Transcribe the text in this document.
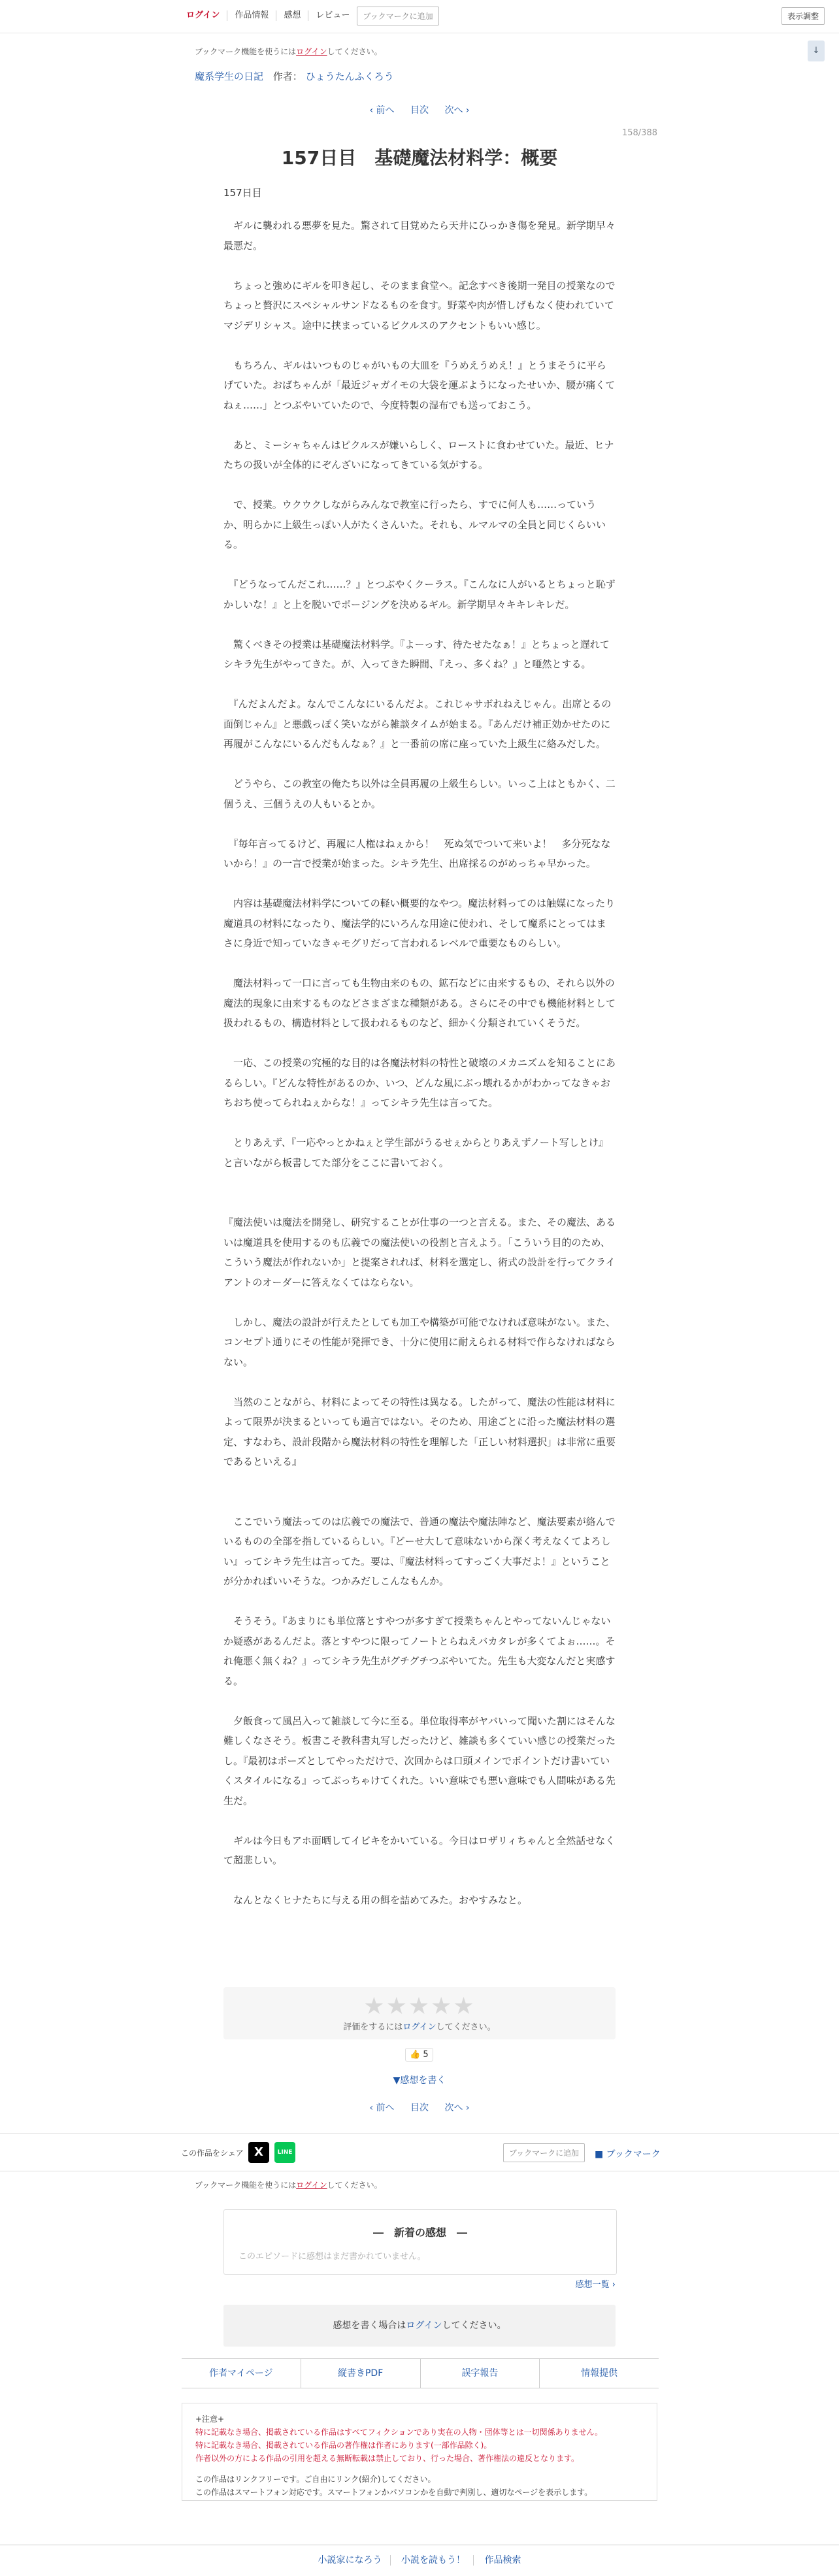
ログイン	作品情報	感想	レビュー	ブックマークに追加	表示調整
ブックマーク機能を使うにはログインしてください。	↓
魔系学生の日記 作者： ひょうたんふくろう
‹ 前へ 目次 次へ ›
158/388
157日目　基礎魔法材料学：概要
157日目

　ギルに襲われる悪夢を見た。驚されて目覚めたら天井にひっかき傷を発見。新学期早々最悪だ。

　ちょっと強めにギルを叩き起し、そのまま食堂へ。記念すべき後期一発目の授業なのでちょっと贅沢にスペシャルサンドなるものを食す。野菜や肉が惜しげもなく使われていてマジデリシャス。途中に挟まっているピクルスのアクセントもいい感じ。

　もちろん、ギルはいつものじゃがいもの大皿を『うめえうめえ！』とうまそうに平らげていた。おばちゃんが「最近ジャガイモの大袋を運ぶようになったせいか、腰が痛くてねぇ……」とつぶやいていたので、今度特製の湿布でも送っておこう。

　あと、ミーシャちゃんはピクルスが嫌いらしく、ローストに食わせていた。最近、ヒナたちの扱いが全体的にぞんざいになってきている気がする。

　で、授業。ウクウクしながらみんなで教室に行ったら、すでに何人も……っていうか、明らかに上級生っぽい人がたくさんいた。それも、ルマルマの全員と同じくらいいる。

　『どうなってんだこれ……？』とつぶやくクーラス。『こんなに人がいるとちょっと恥ずかしいな！』と上を脱いでポージングを決めるギル。新学期早々キキレキレだ。

　驚くべきその授業は基礎魔法材料学。『よーっす、待たせたなぁ！』とちょっと遅れてシキラ先生がやってきた。が、入ってきた瞬間、『えっ、多くね？』と唖然とする。

　『んだよんだよ。なんでこんなにいるんだよ。これじゃサボれねえじゃん。出席とるの面倒じゃん』と悪戯っぽく笑いながら雑談タイムが始まる。『あんだけ補正効かせたのに再履がこんなにいるんだもんなぁ？』と一番前の席に座っていた上級生に絡みだした。

　どうやら、この教室の俺たち以外は全員再履の上級生らしい。いっこ上はともかく、二個うえ、三個うえの人もいるとか。

　『毎年言ってるけど、再履に人権はねぇから！　死ぬ気でついて来いよ！　多分死なないから！』の一言で授業が始まった。シキラ先生、出席採るのがめっちゃ早かった。

　内容は基礎魔法材料学についての軽い概要的なやつ。魔法材料ってのは触媒になったり魔道具の材料になったり、魔法学的にいろんな用途に使われ、そして魔系にとってはまさに身近で知っていなきゃモグリだって言われるレベルで重要なものらしい。

　魔法材料って一口に言っても生物由来のもの、鉱石などに由来するもの、それら以外の魔法的現象に由来するものなどさまざまな種類がある。さらにその中でも機能材料として扱われるもの、構造材料として扱われるものなど、細かく分類されていくそうだ。

　一応、この授業の究極的な目的は各魔法材料の特性と破壊のメカニズムを知ることにあるらしい。『どんな特性があるのか、いつ、どんな風にぶっ壊れるかがわかってなきゃおちおち使ってられねぇからな！』ってシキラ先生は言ってた。

　とりあえず、『一応やっとかねぇと学生部がうるせぇからとりあえずノート写しとけ』と言いながら板書してた部分をここに書いておく。

『魔法使いは魔法を開発し、研究することが仕事の一つと言える。また、その魔法、あるいは魔道具を使用するのも広義での魔法使いの役割と言えよう。「こういう目的のため、こういう魔法が作れないか」と提案されれば、材料を選定し、術式の設計を行ってクライアントのオーダーに答えなくてはならない。

　しかし、魔法の設計が行えたとしても加工や構築が可能でなければ意味がない。また、コンセプト通りにその性能が発揮でき、十分に使用に耐えられる材料で作らなければならない。

　当然のことながら、材料によってその特性は異なる。したがって、魔法の性能は材料によって限界が決まるといっても過言ではない。そのため、用途ごとに沿った魔法材料の選定、すなわち、設計段階から魔法材料の特性を理解した「正しい材料選択」は非常に重要であるといえる』

　ここでいう魔法ってのは広義での魔法で、普通の魔法や魔法陣など、魔法要素が絡んでいるものの全部を指しているらしい。『どーせ大して意味ないから深く考えなくてよろしい』ってシキラ先生は言ってた。要は、『魔法材料ってすっごく大事だよ！』ということが分かればいいそうな。つかみだしこんなもんか。

　そうそう。『あまりにも単位落とすやつが多すぎて授業ちゃんとやってないんじゃないか疑惑があるんだよ。落とすやつに限ってノートとらねえバカタレが多くてよぉ……。それ俺悪く無くね？』ってシキラ先生がグチグチつぶやいてた。先生も大変なんだと実感する。

　夕飯食って風呂入って雑談して今に至る。単位取得率がヤバいって聞いた割にはそんな難しくなさそう。板書こそ教科書丸写しだったけど、雑談も多くていい感じの授業だったし。『最初はポーズとしてやっただけで、次回からは口頭メインでポイントだけ書いていくスタイルになる』ってぶっちゃけてくれた。いい意味でも悪い意味でも人間味がある先生だ。

　ギルは今日もアホ面晒してイビキをかいている。今日はロザリィちゃんと全然話せなくて超悲しい。

　なんとなくヒナたちに与える用の餌を詰めてみた。おやすみなと。

★★★★★
評価をするにはログインしてください。
👍 5
▼感想を書く
‹ 前へ 目次 次へ ›
この作品をシェア X	LINE	ブックマークに追加	■ ブックマーク
ブックマーク機能を使うにはログインしてください。
―　新着の感想　―
このエピソードに感想はまだ書かれていません。
感想一覧 ›
感想を書く場合はログインしてください。
作者マイページ	縦書きPDF	誤字報告	情報提供
+注意+
特に記載なき場合、掲載されている作品はすべてフィクションであり実在の人物・団体等とは一切関係ありません。
特に記載なき場合、掲載されている作品の著作権は作者にあります(一部作品除く)。
作者以外の方による作品の引用を超える無断転載は禁止しており、行った場合、著作権法の違反となります。
この作品はリンクフリーです。ご自由にリンク(紹介)してください。
この作品はスマートフォン対応です。スマートフォンかパソコンかを自動で判別し、適切なページを表示します。
小説家になろう 小説を読もう！ 作品検索
